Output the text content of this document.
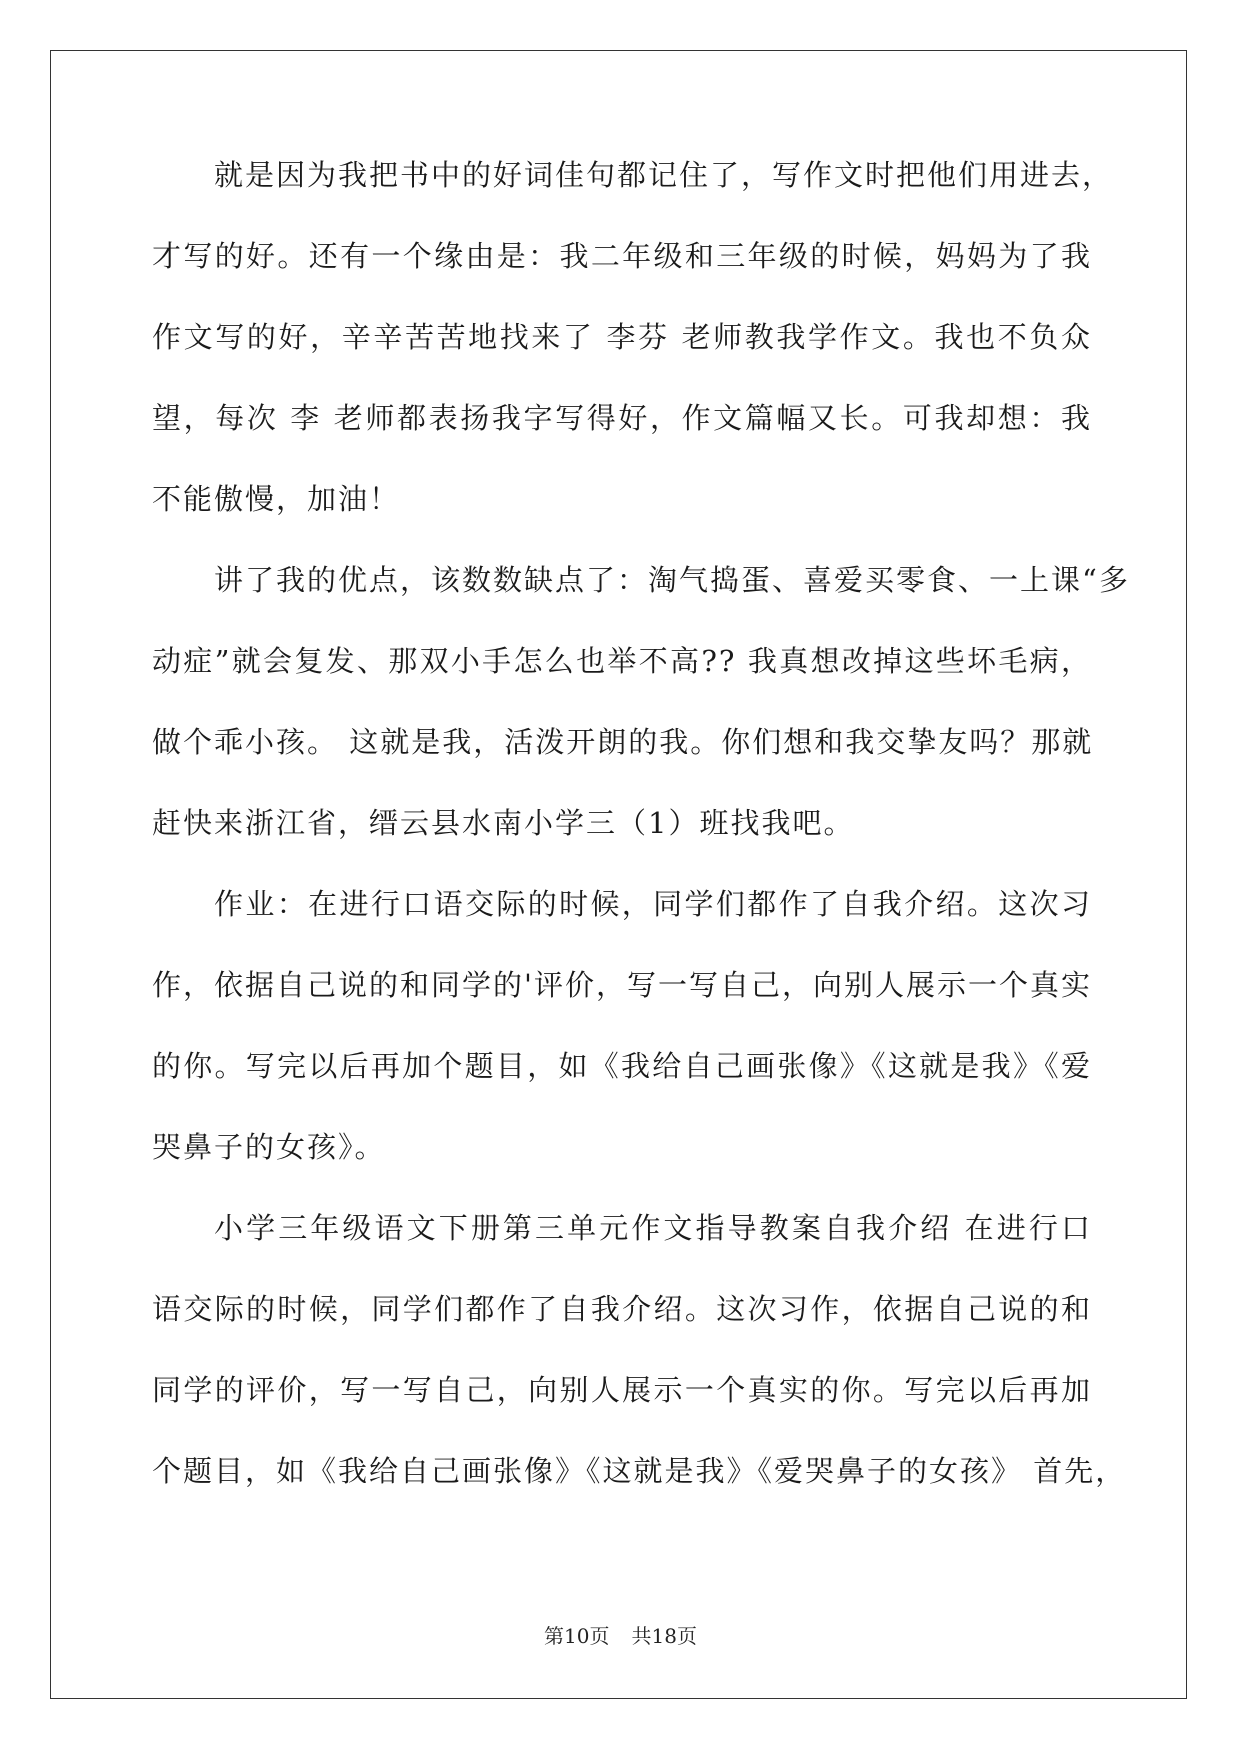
就是因为我把书中的好词佳句都记住了，写作文时把他们用进去，
才写的好。还有一个缘由是：我二年级和三年级的时候，妈妈为了我
作文写的好，辛辛苦苦地找来了 李芬 老师教我学作文。我也不负众
望，每次 李 老师都表扬我字写得好，作文篇幅又长。可我却想：我
不能傲慢，加油！
讲了我的优点，该数数缺点了：淘气捣蛋、喜爱买零食、一上课“多
动症”就会复发、那双小手怎么也举不高?? 我真想改掉这些坏毛病，
做个乖小孩。 这就是我，活泼开朗的我。你们想和我交挚友吗？那就
赶快来浙江省，缙云县水南小学三（1）班找我吧。
作业：在进行口语交际的时候，同学们都作了自我介绍。这次习
作，依据自己说的和同学的'评价，写一写自己，向别人展示一个真实
的你。写完以后再加个题目，如《我给自己画张像》《这就是我》《爱
哭鼻子的女孩》。
小学三年级语文下册第三单元作文指导教案自我介绍 在进行口
语交际的时候，同学们都作了自我介绍。这次习作，依据自己说的和
同学的评价，写一写自己，向别人展示一个真实的你。写完以后再加
个题目，如《我给自己画张像》《这就是我》《爱哭鼻子的女孩》 首先，
第10页 共18页
